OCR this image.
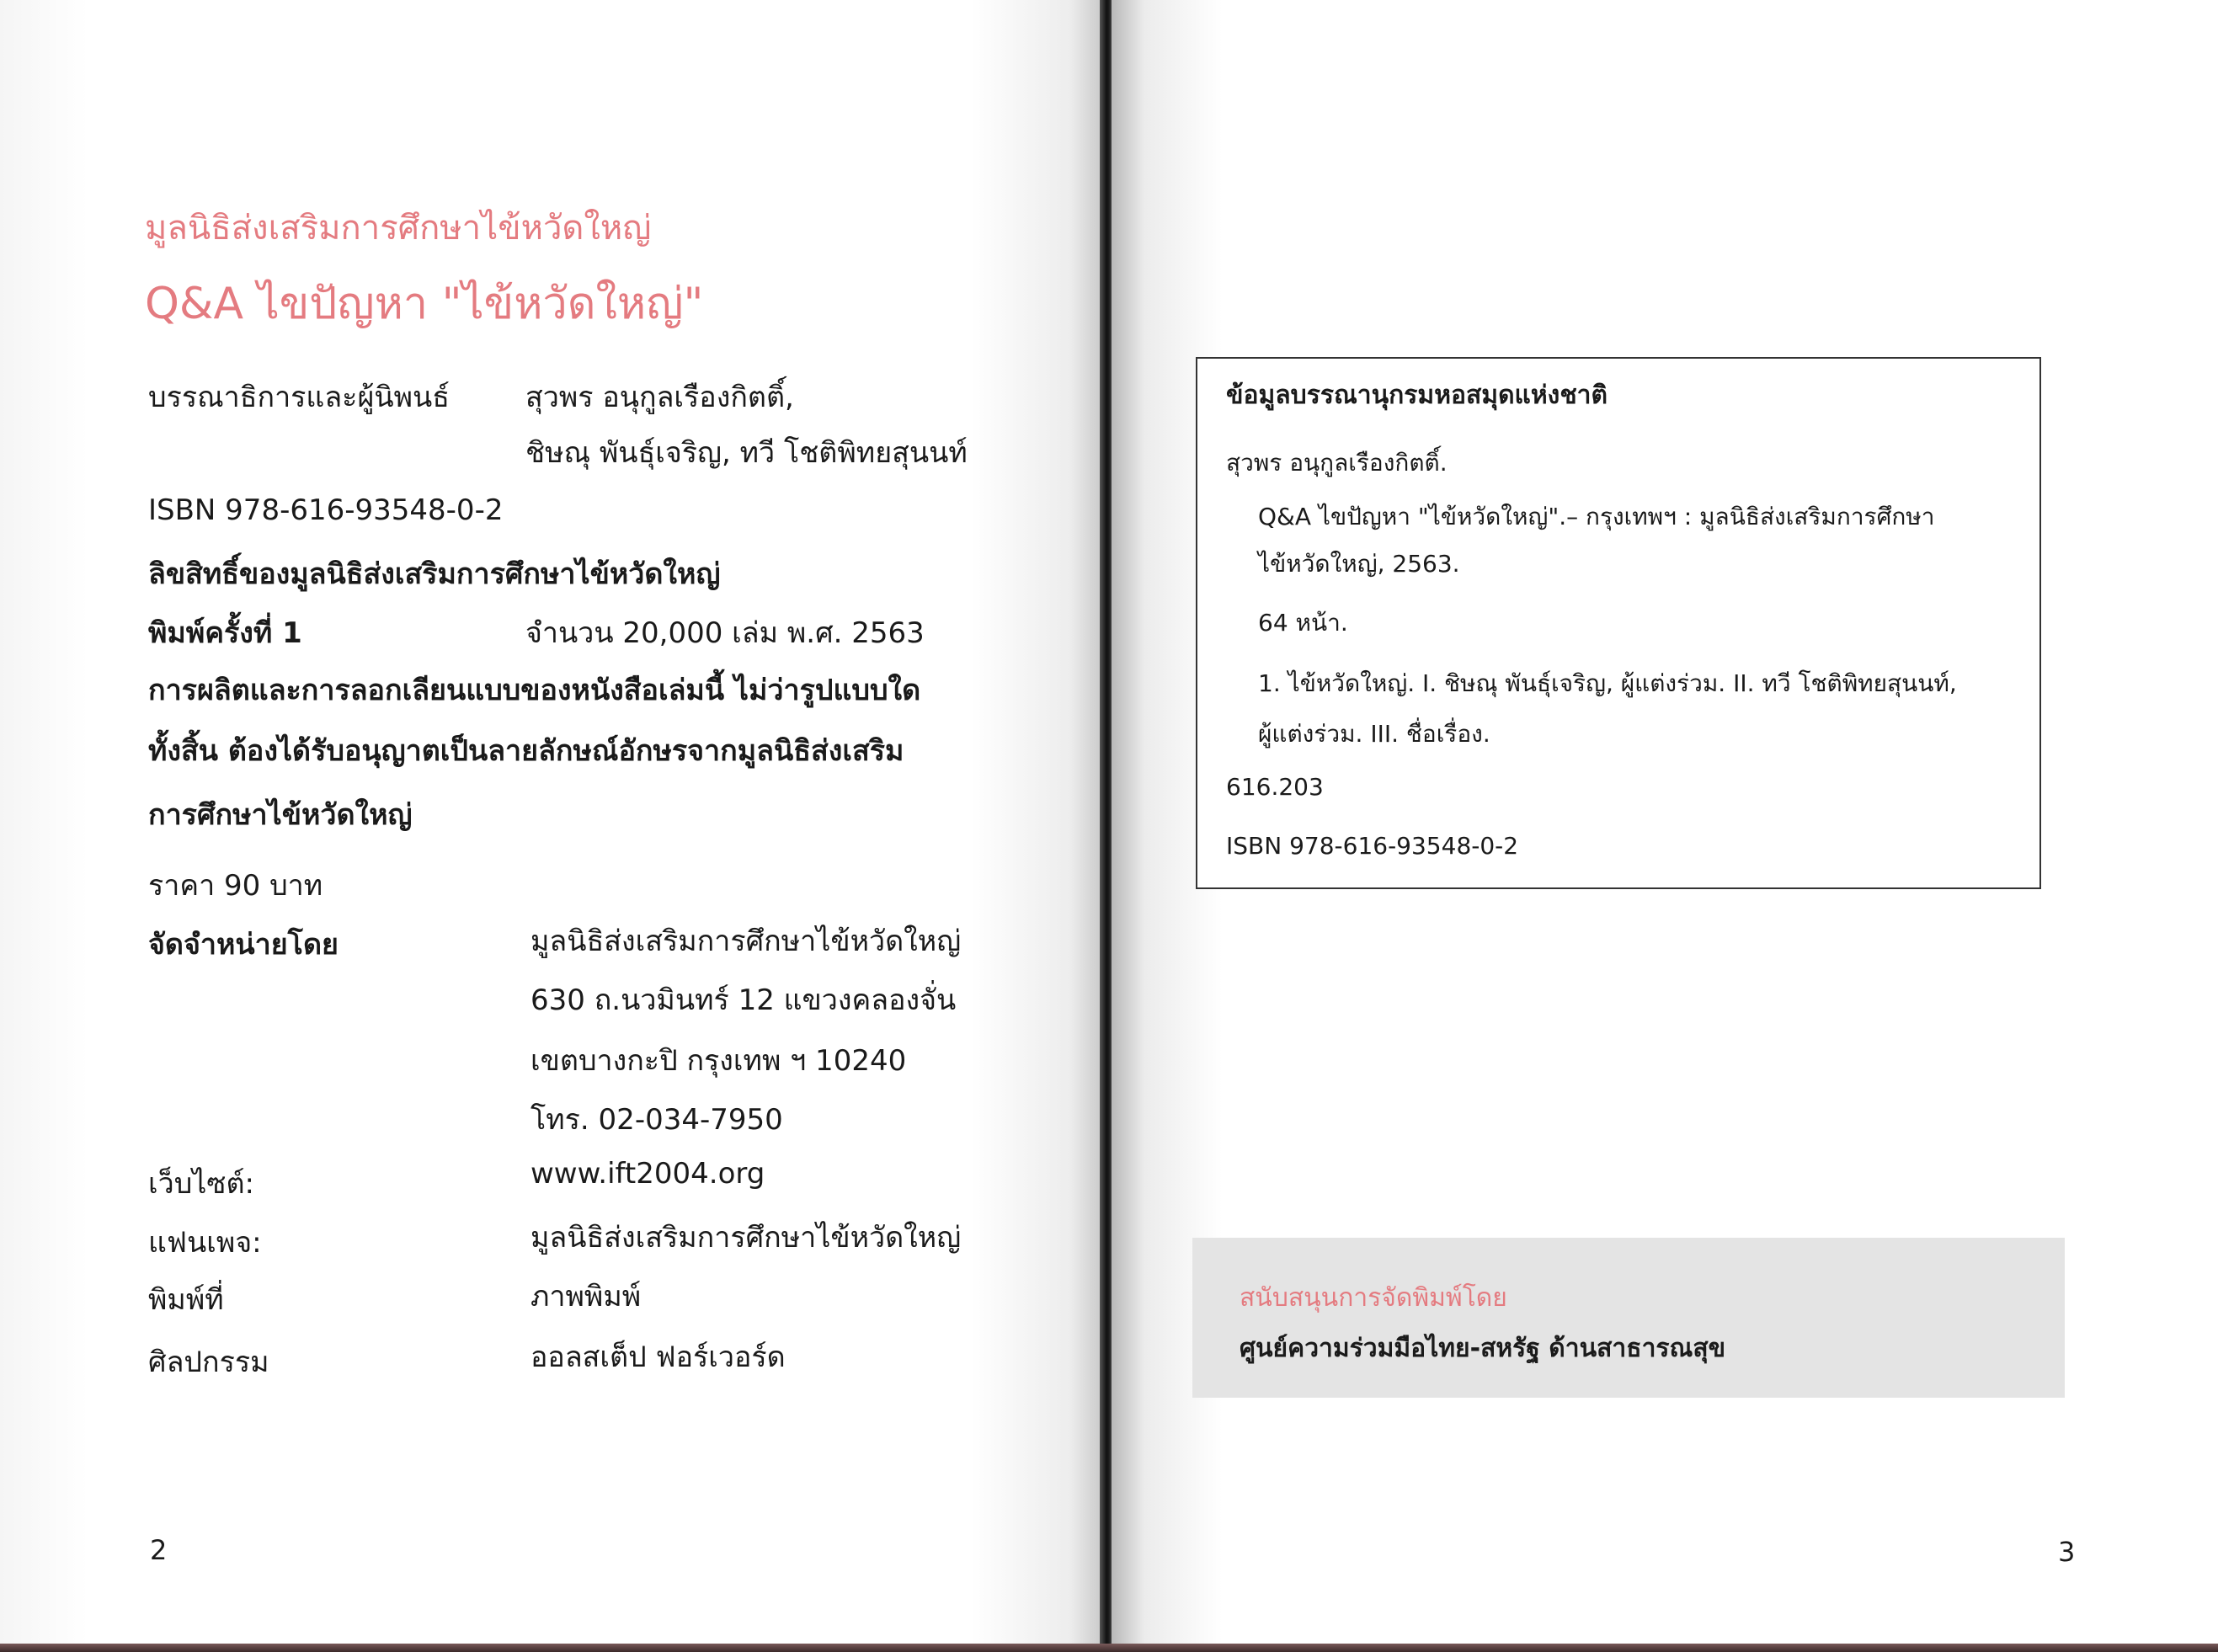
มูลนิธิส่งเสริมการศึกษาไข้หวัดใหญ่
Q&A ไขปัญหา "ไข้หวัดใหญ่"
บรรณาธิการและผู้นิพนธ์	สุวพร อนุกูลเรืองกิตติ์,
ชิษณุ พันธุ์เจริญ, ทวี โชติพิทยสุนนท์
ISBN 978-616-93548-0-2
ลิขสิทธิ์ของมูลนิธิส่งเสริมการศึกษาไข้หวัดใหญ่
พิมพ์ครั้งที่ 1	จำนวน 20,000 เล่ม พ.ศ. 2563
การผลิตและการลอกเลียนแบบของหนังสือเล่มนี้ ไม่ว่ารูปแบบใด
ทั้งสิ้น ต้องได้รับอนุญาตเป็นลายลักษณ์อักษรจากมูลนิธิส่งเสริม
การศึกษาไข้หวัดใหญ่
ราคา 90 บาท
จัดจำหน่ายโดย	มูลนิธิส่งเสริมการศึกษาไข้หวัดใหญ่
630 ถ.นวมินทร์ 12 แขวงคลองจั่น
เขตบางกะปิ กรุงเทพ ฯ 10240
โทร. 02-034-7950
เว็บไซต์:	www.ift2004.org
แฟนเพจ:	มูลนิธิส่งเสริมการศึกษาไข้หวัดใหญ่
พิมพ์ที่	ภาพพิมพ์
ศิลปกรรม	ออลสเต็ป ฟอร์เวอร์ด
2
ข้อมูลบรรณานุกรมหอสมุดแห่งชาติ
สุวพร อนุกูลเรืองกิตติ์.
Q&A ไขปัญหา "ไข้หวัดใหญ่".– กรุงเทพฯ : มูลนิธิส่งเสริมการศึกษา
ไข้หวัดใหญ่, 2563.
64 หน้า.
1. ไข้หวัดใหญ่. I. ชิษณุ พันธุ์เจริญ, ผู้แต่งร่วม. II. ทวี โชติพิทยสุนนท์,
ผู้แต่งร่วม. III. ชื่อเรื่อง.
616.203
ISBN 978-616-93548-0-2
สนับสนุนการจัดพิมพ์โดย
ศูนย์ความร่วมมือไทย-สหรัฐ ด้านสาธารณสุข
3
